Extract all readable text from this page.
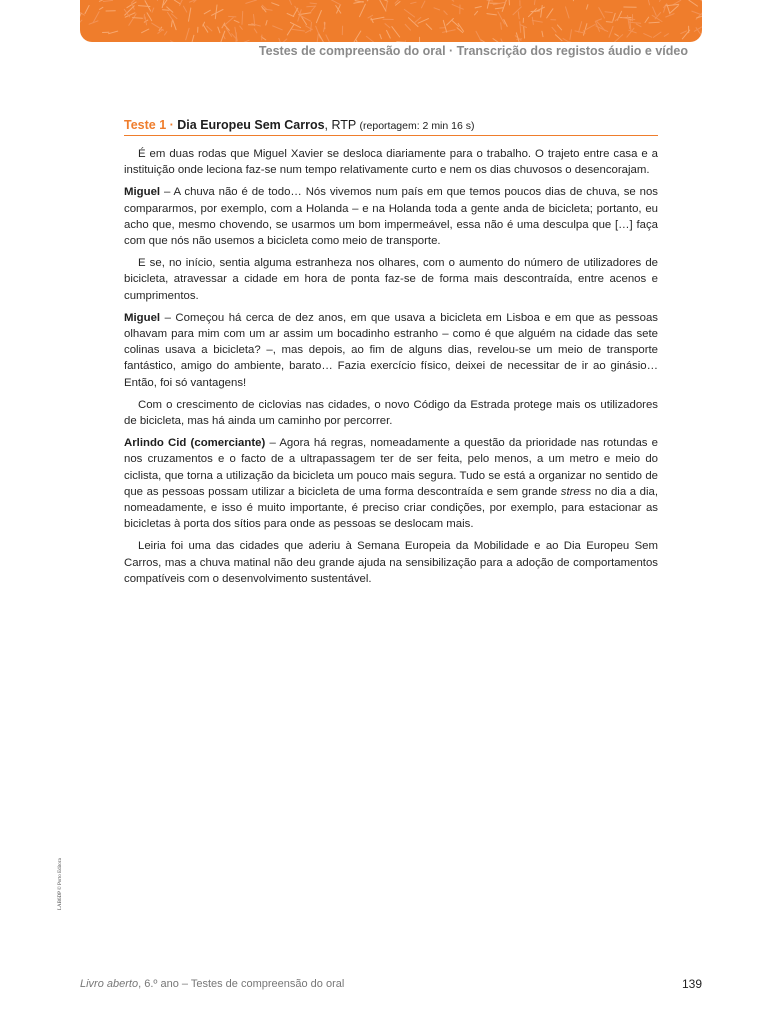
Testes de compreensão do oral · Transcrição dos registos áudio e vídeo
Teste 1 · Dia Europeu Sem Carros, RTP (reportagem: 2 min 16 s)

É em duas rodas que Miguel Xavier se desloca diariamente para o trabalho. O trajeto entre casa e a instituição onde leciona faz-se num tempo relativamente curto e nem os dias chuvosos o desencorajam.

Miguel – A chuva não é de todo… Nós vivemos num país em que temos poucos dias de chuva, se nos compararmos, por exemplo, com a Holanda – e na Holanda toda a gente anda de bicicleta; portanto, eu acho que, mesmo chovendo, se usarmos um bom impermeável, essa não é uma desculpa que […] faça com que nós não usemos a bicicleta como meio de transporte.

E se, no início, sentia alguma estranheza nos olhares, com o aumento do número de utilizadores de bicicleta, atravessar a cidade em hora de ponta faz-se de forma mais descontraída, entre acenos e cumprimentos.

Miguel – Começou há cerca de dez anos, em que usava a bicicleta em Lisboa e em que as pessoas olhavam para mim com um ar assim um bocadinho estranho – como é que alguém na cidade das sete colinas usava a bicicleta? –, mas depois, ao fim de alguns dias, revelou-se um meio de transporte fantástico, amigo do ambiente, barato… Fazia exercício físico, deixei de necessitar de ir ao ginásio… Então, foi só vantagens!

Com o crescimento de ciclovias nas cidades, o novo Código da Estrada protege mais os utilizadores de bicicleta, mas há ainda um caminho por percorrer.

Arlindo Cid (comerciante) – Agora há regras, nomeadamente a questão da prioridade nas rotundas e nos cruzamentos e o facto de a ultrapassagem ter de ser feita, pelo menos, a um metro e meio do ciclista, que torna a utilização da bicicleta um pouco mais segura. Tudo se está a organizar no sentido de que as pessoas possam utilizar a bicicleta de uma forma descontraída e sem grande stress no dia a dia, nomeadamente, e isso é muito importante, é preciso criar condições, por exemplo, para estacionar as bicicletas à porta dos sítios para onde as pessoas se deslocam mais.

Leiria foi uma das cidades que aderiu à Semana Europeia da Mobilidade e ao Dia Europeu Sem Carros, mas a chuva matinal não deu grande ajuda na sensibilização para a adoção de comportamentos compatíveis com o desenvolvimento sustentável.

LAB6DP © Porto Editora
Livro aberto, 6.º ano – Testes de compreensão do oral	139
